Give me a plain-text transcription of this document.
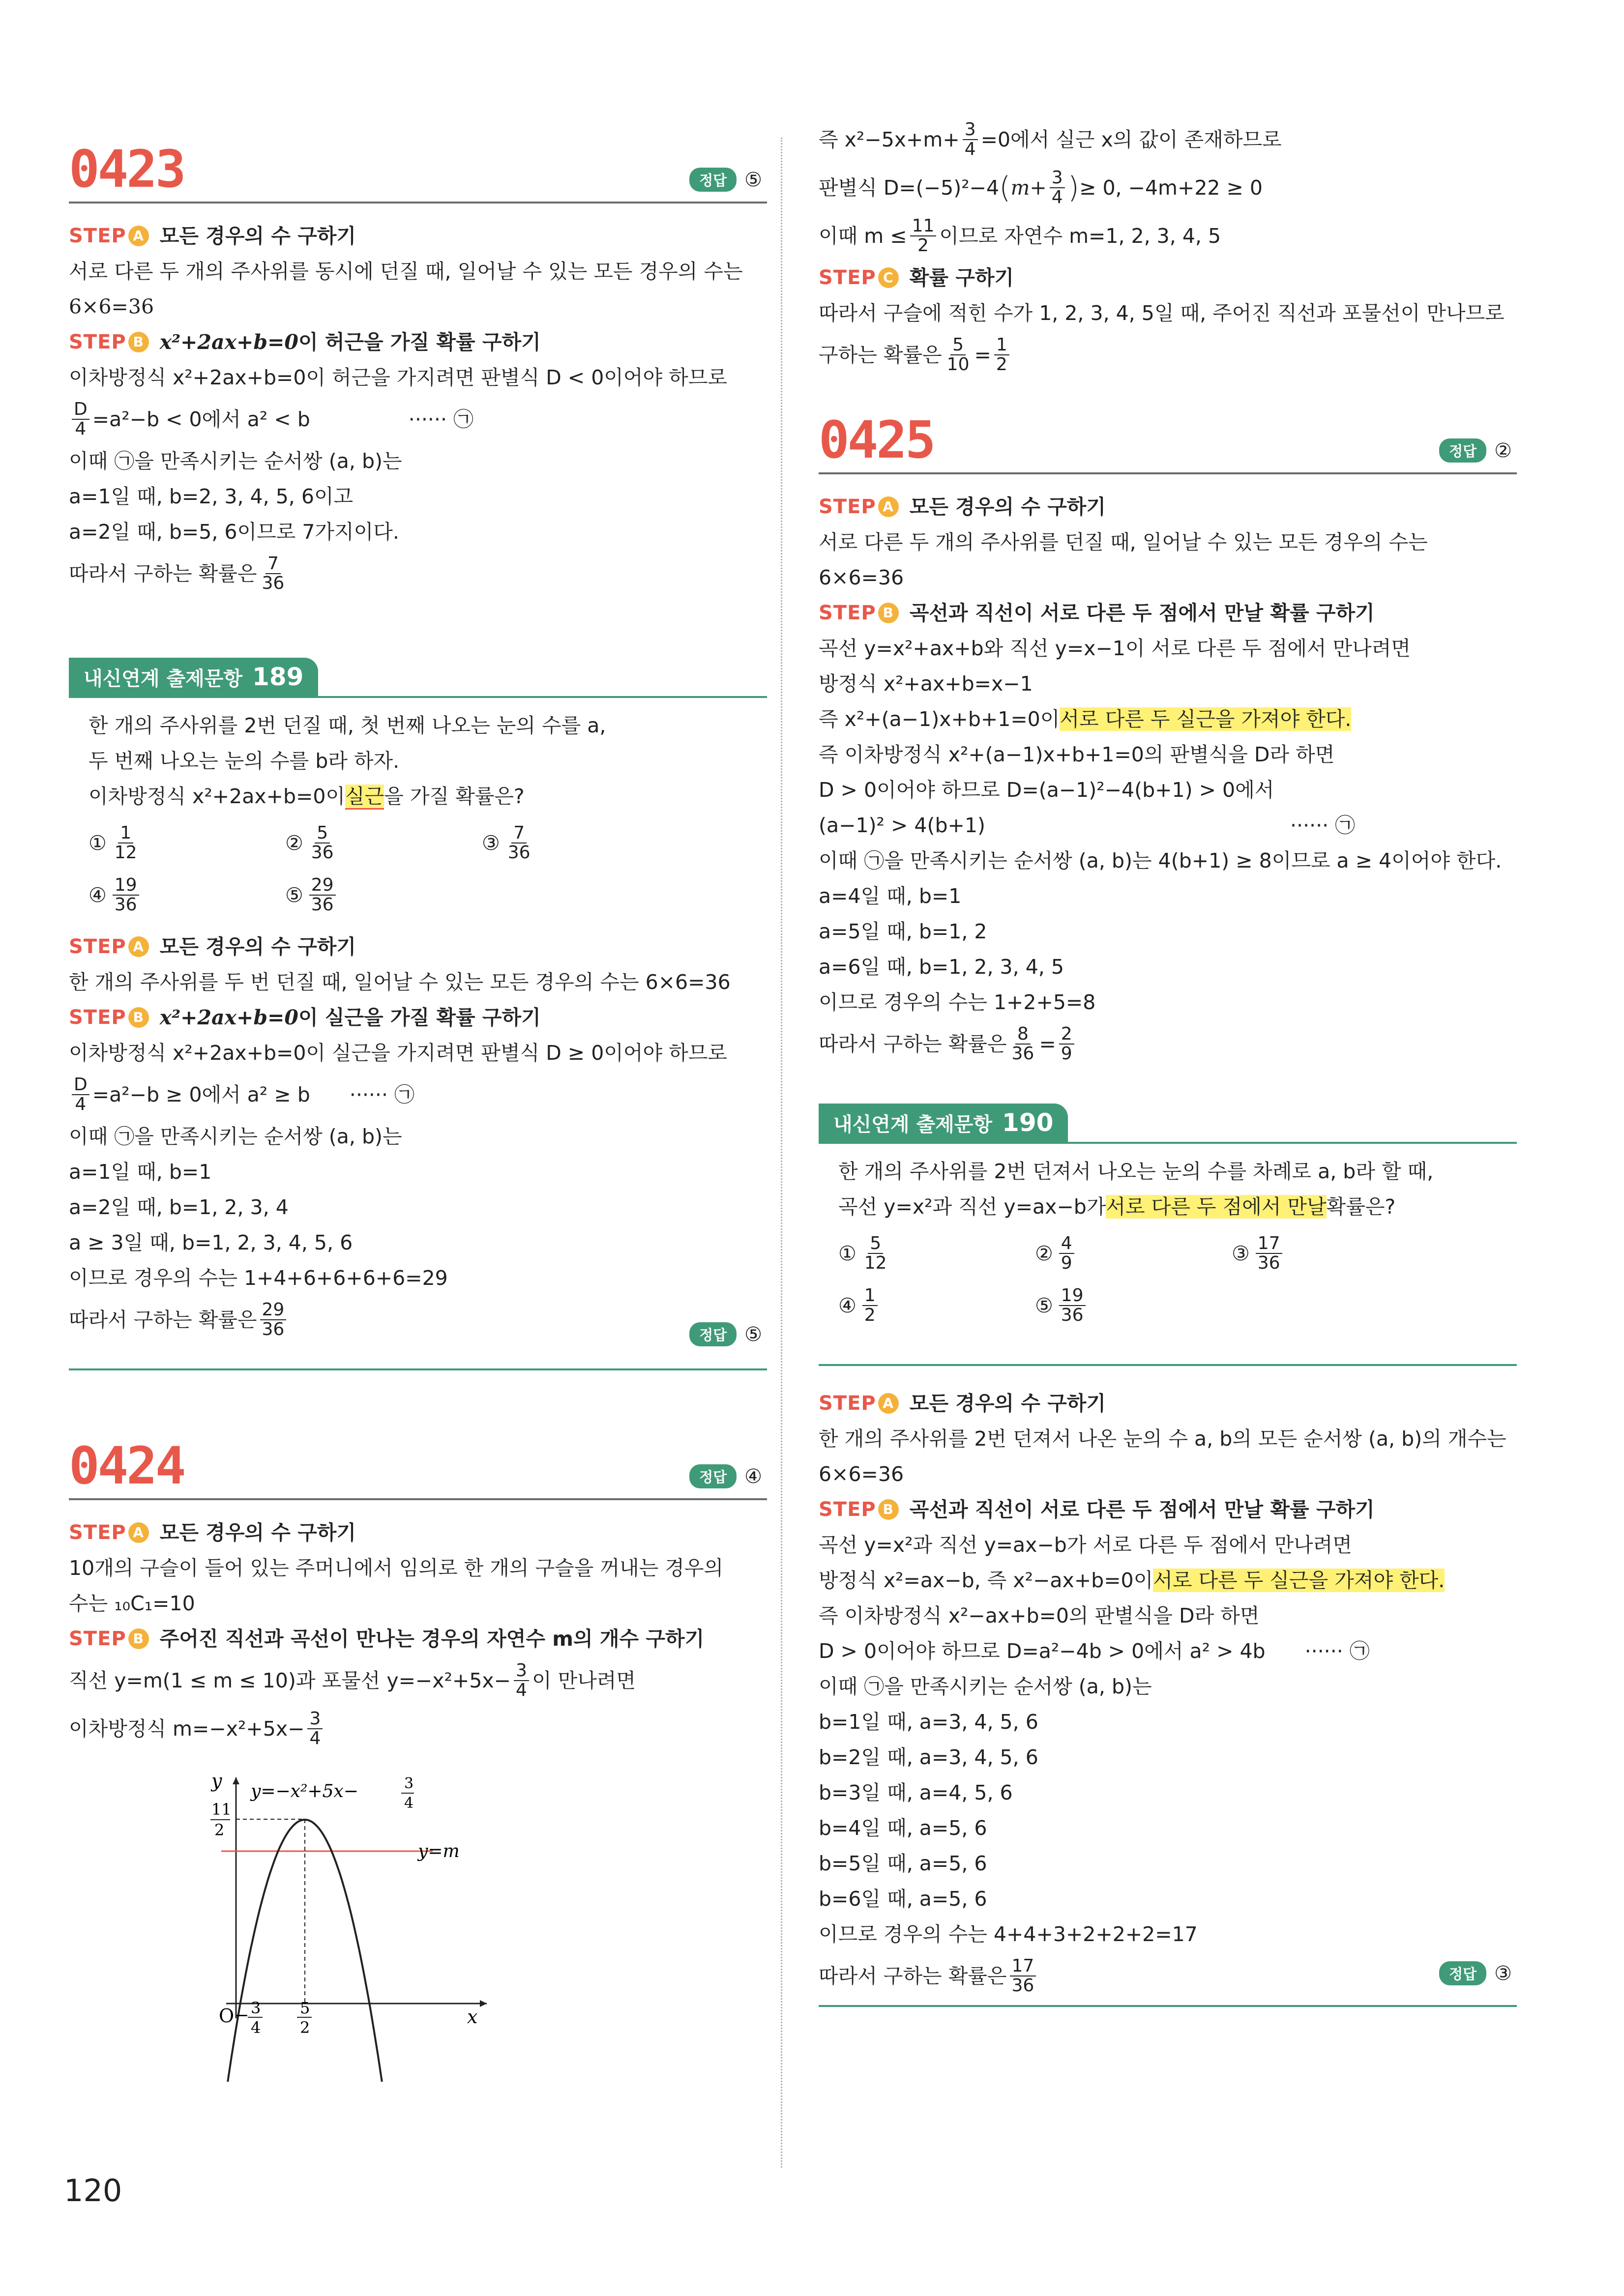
0423	정답 ⑤
STEP A 모든 경우의 수 구하기

서로 다른 두 개의 주사위를 동시에 던질 때, 일어날 수 있는 모든 경우의 수는

6×6=36

STEP B x²+2ax+b=0 이 허근을 가질 확률 구하기

이차방정식 x²+2ax+b=0이 허근을 가지려면 판별식 D < 0이어야 하므로

$\frac{D}{4} =a^2-b < 0$에서 a² < b	······ ㉠

이때 ㉠을 만족시키는 순서쌍 (a, b)는

a=1일 때, b=2, 3, 4, 5, 6이고

a=2일 때, b=5, 6이므로 7가지이다.

따라서 구하는 확률은 $\frac{7}{36}$

내신연계 출제문항 189

한 개의 주사위를 2번 던질 때, 첫 번째 나오는 눈의 수를 a,

두 번째 나오는 눈의 수를 b라 하자.

이차방정식 x²+2ax+b=0이실근을 가질 확률은?

① $\frac{1}{12}$	② $\frac{5}{36}$	③ $\frac{7}{36}$
④ $\frac{19}{36}$	⑤ $\frac{29}{36}$
STEP A 모든 경우의 수 구하기

한 개의 주사위를 두 번 던질 때, 일어날 수 있는 모든 경우의 수는 6×6=36

STEP B x²+2ax+b=0 이 실근을 가질 확률 구하기

이차방정식 x²+2ax+b=0이 실근을 가지려면 판별식 D ≥ 0이어야 하므로

$\frac{D}{4} =a^2-b \ge 0$에서 a² ≥ b ······ ㉠

이때 ㉠을 만족시키는 순서쌍 (a, b)는

a=1일 때, b=1

a=2일 때, b=1, 2, 3, 4

a ≥ 3일 때, b=1, 2, 3, 4, 5, 6

이므로 경우의 수는 1+4+6+6+6+6=29

따라서 구하는 확률은 $\frac{29}{36}$	정답 ⑤
0424	정답 ④
STEP A 모든 경우의 수 구하기

10개의 구슬이 들어 있는 주머니에서 임의로 한 개의 구슬을 꺼내는 경우의

수는 ₁₀C₁=10

STEP B 주어진 직선과 곡선이 만나는 경우의 자연수 m의 개수 구하기

직선 y=m(1 ≤ m ≤ 10)과 포물선 $y=-x^2+5x- \frac{3}{4}$ 이 만나려면

이차방정식 $m=-x^2+5x- \frac{3}{4}$

y
x
O
11
2
− 3
4
5
2
y=−x²+5x−	3
4
y=m

즉 $x^2-5x+m+ \frac{3}{4} =0$에서 실근 x의 값이 존재하므로

판별식 D=(−5)²−4 ( $m+ \frac{3}{4}$ ) ≥ 0, −4m+22 ≥ 0

이때 $m \le \frac{11}{2}$ 이므로 자연수 m=1, 2, 3, 4, 5

STEP C 확률 구하기

따라서 구슬에 적힌 수가 1, 2, 3, 4, 5일 때, 주어진 직선과 포물선이 만나므로

구하는 확률은 $\frac{5}{10} = \frac{1}{2}$

0425	정답 ②
STEP A 모든 경우의 수 구하기

서로 다른 두 개의 주사위를 던질 때, 일어날 수 있는 모든 경우의 수는

6×6=36

STEP B 곡선과 직선이 서로 다른 두 점에서 만날 확률 구하기

곡선 y=x²+ax+b와 직선 y=x−1이 서로 다른 두 점에서 만나려면

방정식 x²+ax+b=x−1

즉 x²+(a−1)x+b+1=0이서로 다른 두 실근을 가져야 한다.

즉 이차방정식 x²+(a−1)x+b+1=0의 판별식을 D라 하면

D > 0이어야 하므로 D=(a−1)²−4(b+1) > 0에서

(a−1)² > 4(b+1)	······ ㉠

이때 ㉠을 만족시키는 순서쌍 (a, b)는 4(b+1) ≥ 8이므로 a ≥ 4이어야 한다.

a=4일 때, b=1

a=5일 때, b=1, 2

a=6일 때, b=1, 2, 3, 4, 5

이므로 경우의 수는 1+2+5=8

따라서 구하는 확률은 $\frac{8}{36} = \frac{2}{9}$

내신연계 출제문항 190

한 개의 주사위를 2번 던져서 나오는 눈의 수를 차례로 a, b라 할 때,

곡선 y=x²과 직선 y=ax−b가서로 다른 두 점에서 만날확률은?

① $\frac{5}{12}$	② $\frac{4}{9}$	③ $\frac{17}{36}$
④ $\frac{1}{2}$	⑤ $\frac{19}{36}$
STEP A 모든 경우의 수 구하기

한 개의 주사위를 2번 던져서 나온 눈의 수 a, b의 모든 순서쌍 (a, b)의 개수는

6×6=36

STEP B 곡선과 직선이 서로 다른 두 점에서 만날 확률 구하기

곡선 y=x²과 직선 y=ax−b가 서로 다른 두 점에서 만나려면

방정식 x²=ax−b, 즉 x²−ax+b=0이서로 다른 두 실근을 가져야 한다.

즉 이차방정식 x²−ax+b=0의 판별식을 D라 하면

D > 0이어야 하므로 D=a²−4b > 0에서 a² > 4b ······ ㉠

이때 ㉠을 만족시키는 순서쌍 (a, b)는

b=1일 때, a=3, 4, 5, 6

b=2일 때, a=3, 4, 5, 6

b=3일 때, a=4, 5, 6

b=4일 때, a=5, 6

b=5일 때, a=5, 6

b=6일 때, a=5, 6

이므로 경우의 수는 4+4+3+2+2+2=17

따라서 구하는 확률은 $\frac{17}{36}$	정답 ③
120
